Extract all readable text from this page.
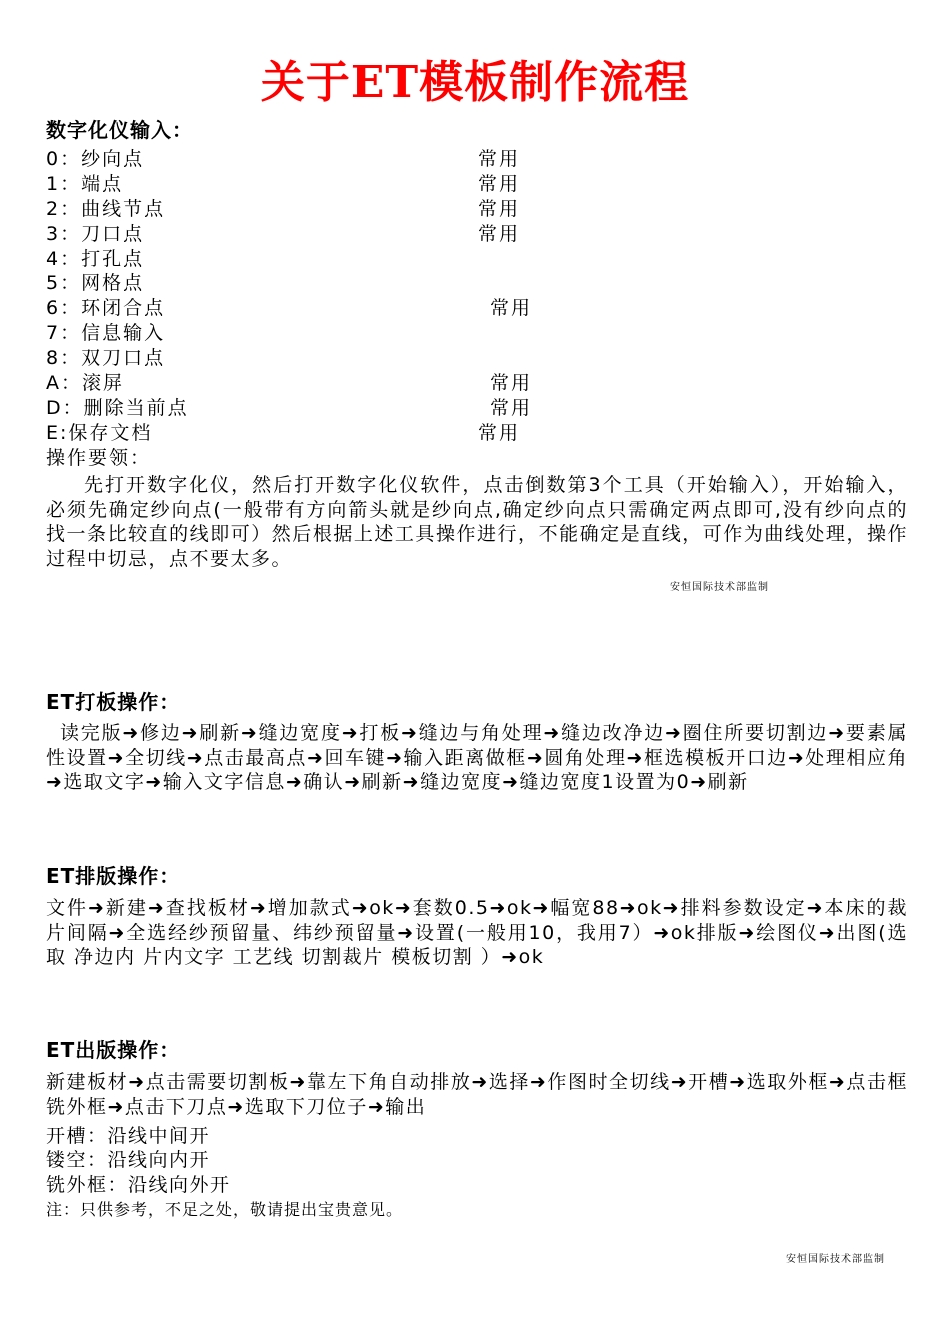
关于ET模板制作流程
数字化仪输入：
0：纱向点	常用
1：端点	常用
2：曲线节点	常用
3：刀口点	常用
4：打孔点
5：网格点
6：环闭合点	常用
7：信息输入
8：双刀口点
A：滚屏	常用
D：删除当前点	常用
E:保存文档	常用
操作要领：
先打开数字化仪，然后打开数字化仪软件，点击倒数第3个工具（开始输入），开始输入，必须先确定纱向点(一般带有方向箭头就是纱向点,确定纱向点只需确定两点即可,没有纱向点的找一条比较直的线即可）然后根据上述工具操作进行，不能确定是直线，可作为曲线处理，操作过程中切忌，点不要太多。
安恒国际技术部监制
ET打板操作：
读完版➜修边➜刷新➜缝边宽度➜打板➜缝边与角处理➜缝边改净边➜圈住所要切割边➜要素属性设置➜全切线➜点击最高点➜回车键➜输入距离做框➜圆角处理➜框选模板开口边➜处理相应角➜选取文字➜输入文字信息➜确认➜刷新➜缝边宽度➜缝边宽度1设置为0➜刷新
ET排版操作：
文件➜新建➜查找板材➜增加款式➜ok➜套数0.5➜ok➜幅宽88➜ok➜排料参数设定➜本床的裁片间隔➜全选经纱预留量、纬纱预留量➜设置(一般用10，我用7）➜ok排版➜绘图仪➜出图(选取 净边内 片内文字 工艺线 切割裁片 模板切割 ）➜ok
ET出版操作：
新建板材➜点击需要切割板➜靠左下角自动排放➜选择➜作图时全切线➜开槽➜选取外框➜点击框铣外框➜点击下刀点➜选取下刀位子➜输出
开槽：沿线中间开
镂空：沿线向内开
铣外框：沿线向外开
注：只供参考，不足之处，敬请提出宝贵意见。
安恒国际技术部监制
